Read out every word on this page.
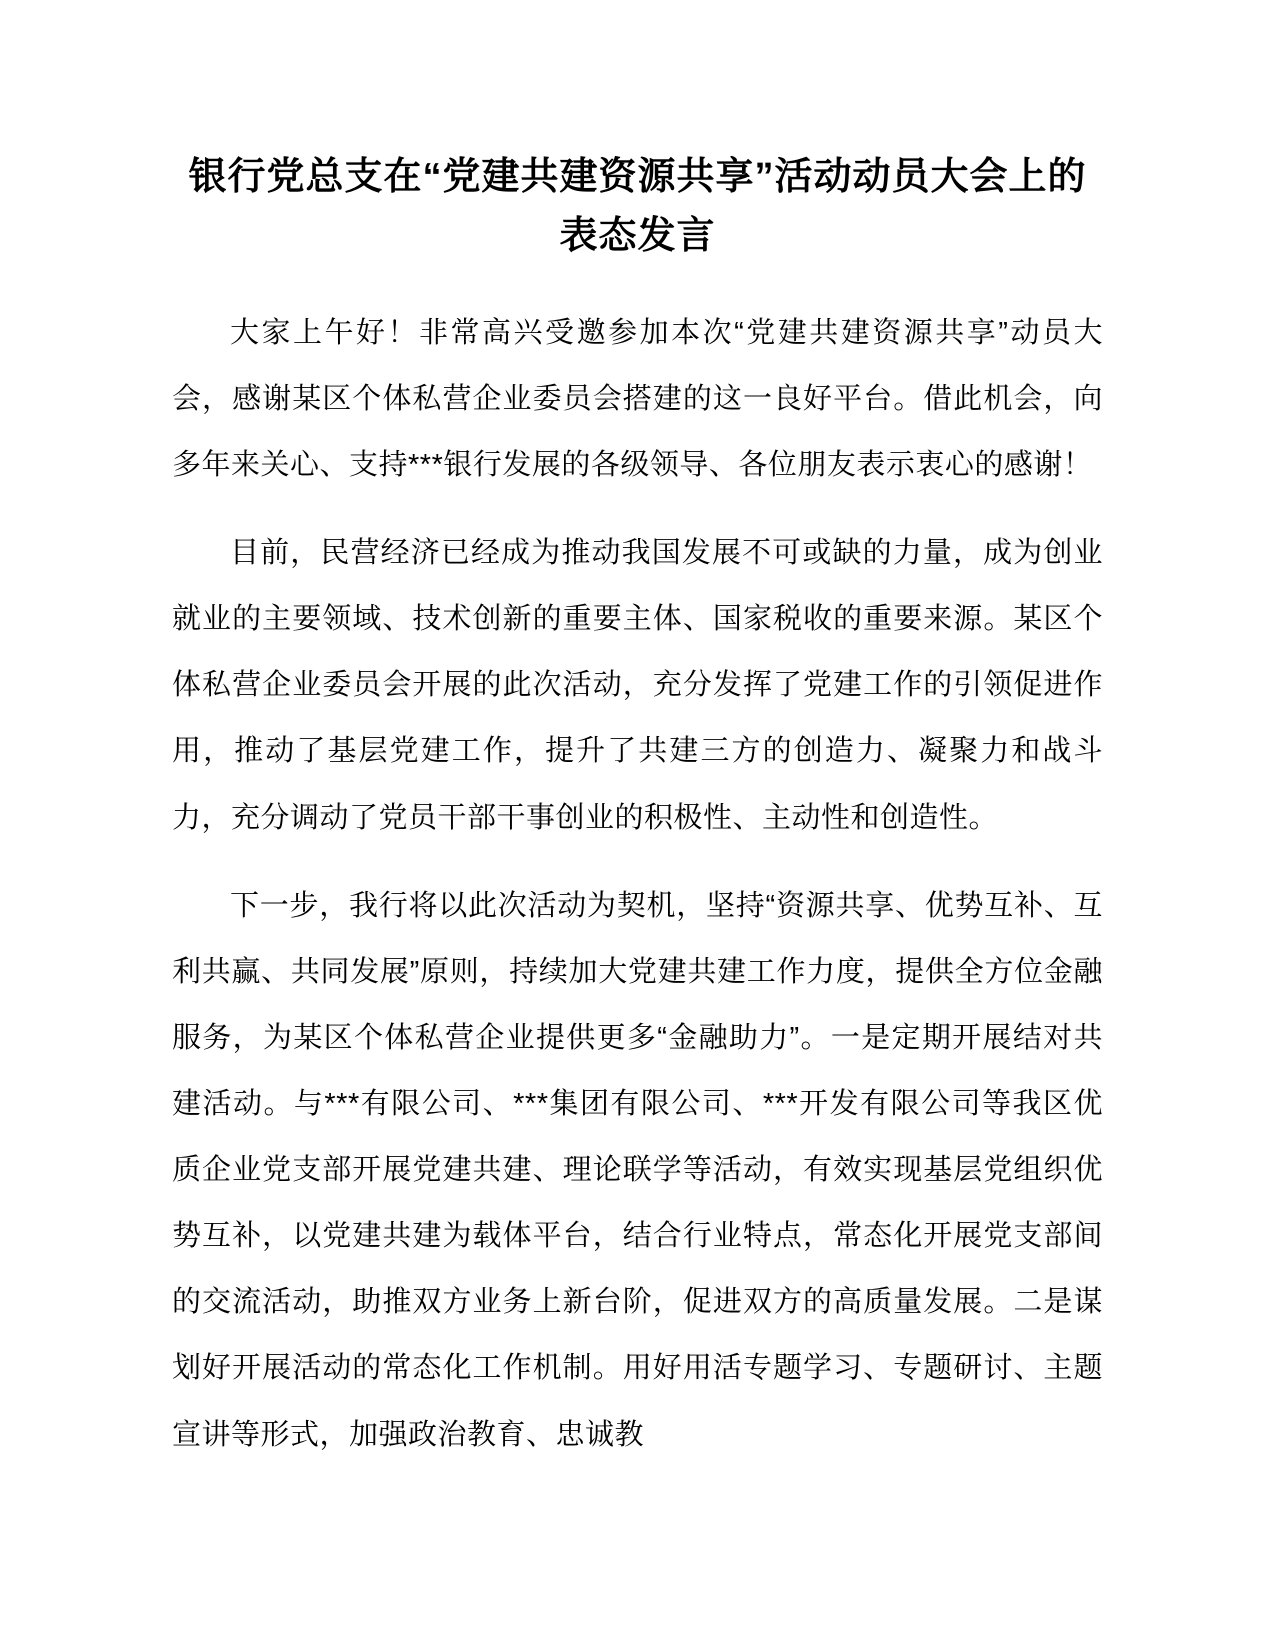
银行党总支在“党建共建资源共享”活动动员大会上的表态发言

大家上午好！非常高兴受邀参加本次“党建共建资源共享”动员大会，感谢某区个体私营企业委员会搭建的这一良好平台。借此机会，向多年来关心、支持***银行发展的各级领导、各位朋友表示衷心的感谢！

目前，民营经济已经成为推动我国发展不可或缺的力量，成为创业就业的主要领域、技术创新的重要主体、国家税收的重要来源。某区个体私营企业委员会开展的此次活动，充分发挥了党建工作的引领促进作用，推动了基层党建工作，提升了共建三方的创造力、凝聚力和战斗力，充分调动了党员干部干事创业的积极性、主动性和创造性。

下一步，我行将以此次活动为契机，坚持“资源共享、优势互补、互利共赢、共同发展”原则，持续加大党建共建工作力度，提供全方位金融服务，为某区个体私营企业提供更多“金融助力”。一是定期开展结对共建活动。与***有限公司、***集团有限公司、***开发有限公司等我区优质企业党支部开展党建共建、理论联学等活动，有效实现基层党组织优势互补，以党建共建为载体平台，结合行业特点，常态化开展党支部间的交流活动，助推双方业务上新台阶，促进双方的高质量发展。二是谋划好开展活动的常态化工作机制。用好用活专题学习、专题研讨、主题宣讲等形式，加强政治教育、忠诚教
